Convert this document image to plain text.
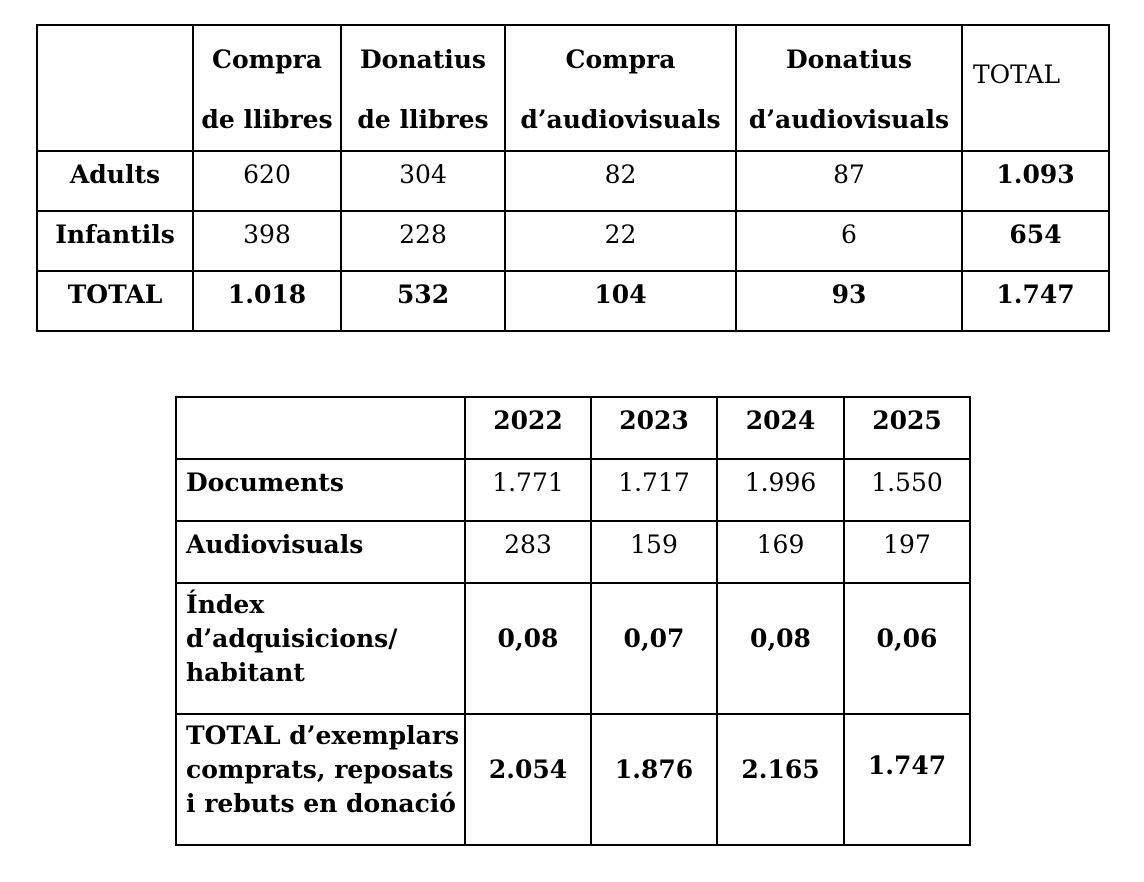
	Compra de llibres	Donatius de llibres	Compra d’audiovisuals	Donatius d’audiovisuals	TOTAL
Adults	620	304	82	87	1.093
Infantils	398	228	22	6	654
TOTAL	1.018	532	104	93	1.747
	2022	2023	2024	2025
Documents	1.771	1.717	1.996	1.550
Audiovisuals	283	159	169	197
Índex d’adquisicions/ habitant	0,08	0,07	0,08	0,06
TOTAL d’exemplars comprats, reposats i rebuts en donació	2.054	1.876	2.165	1.747
